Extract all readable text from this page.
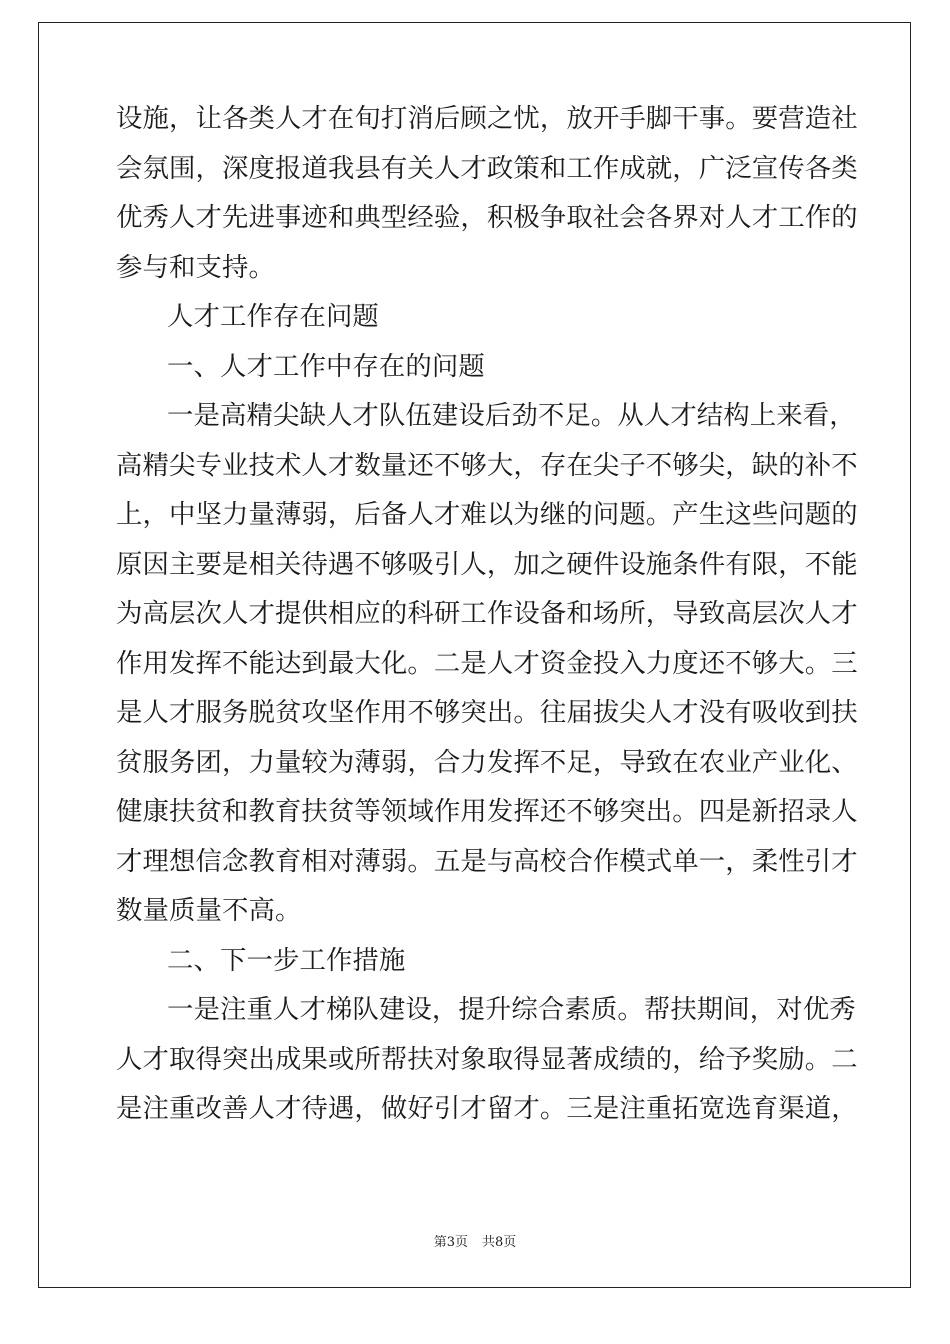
设施，让各类人才在旬打消后顾之忧，放开手脚干事。要营造社
会氛围，深度报道我县有关人才政策和工作成就，广泛宣传各类
优秀人才先进事迹和典型经验，积极争取社会各界对人才工作的
参与和支持。
人才工作存在问题
一、人才工作中存在的问题
一是高精尖缺人才队伍建设后劲不足。从人才结构上来看，
高精尖专业技术人才数量还不够大，存在尖子不够尖，缺的补不
上，中坚力量薄弱，后备人才难以为继的问题。产生这些问题的
原因主要是相关待遇不够吸引人，加之硬件设施条件有限，不能
为高层次人才提供相应的科研工作设备和场所，导致高层次人才
作用发挥不能达到最大化。二是人才资金投入力度还不够大。三
是人才服务脱贫攻坚作用不够突出。往届拔尖人才没有吸收到扶
贫服务团，力量较为薄弱，合力发挥不足，导致在农业产业化、
健康扶贫和教育扶贫等领域作用发挥还不够突出。四是新招录人
才理想信念教育相对薄弱。五是与高校合作模式单一，柔性引才
数量质量不高。
二、下一步工作措施
一是注重人才梯队建设，提升综合素质。帮扶期间，对优秀
人才取得突出成果或所帮扶对象取得显著成绩的，给予奖励。二
是注重改善人才待遇，做好引才留才。三是注重拓宽选育渠道，
第3页 共8页
